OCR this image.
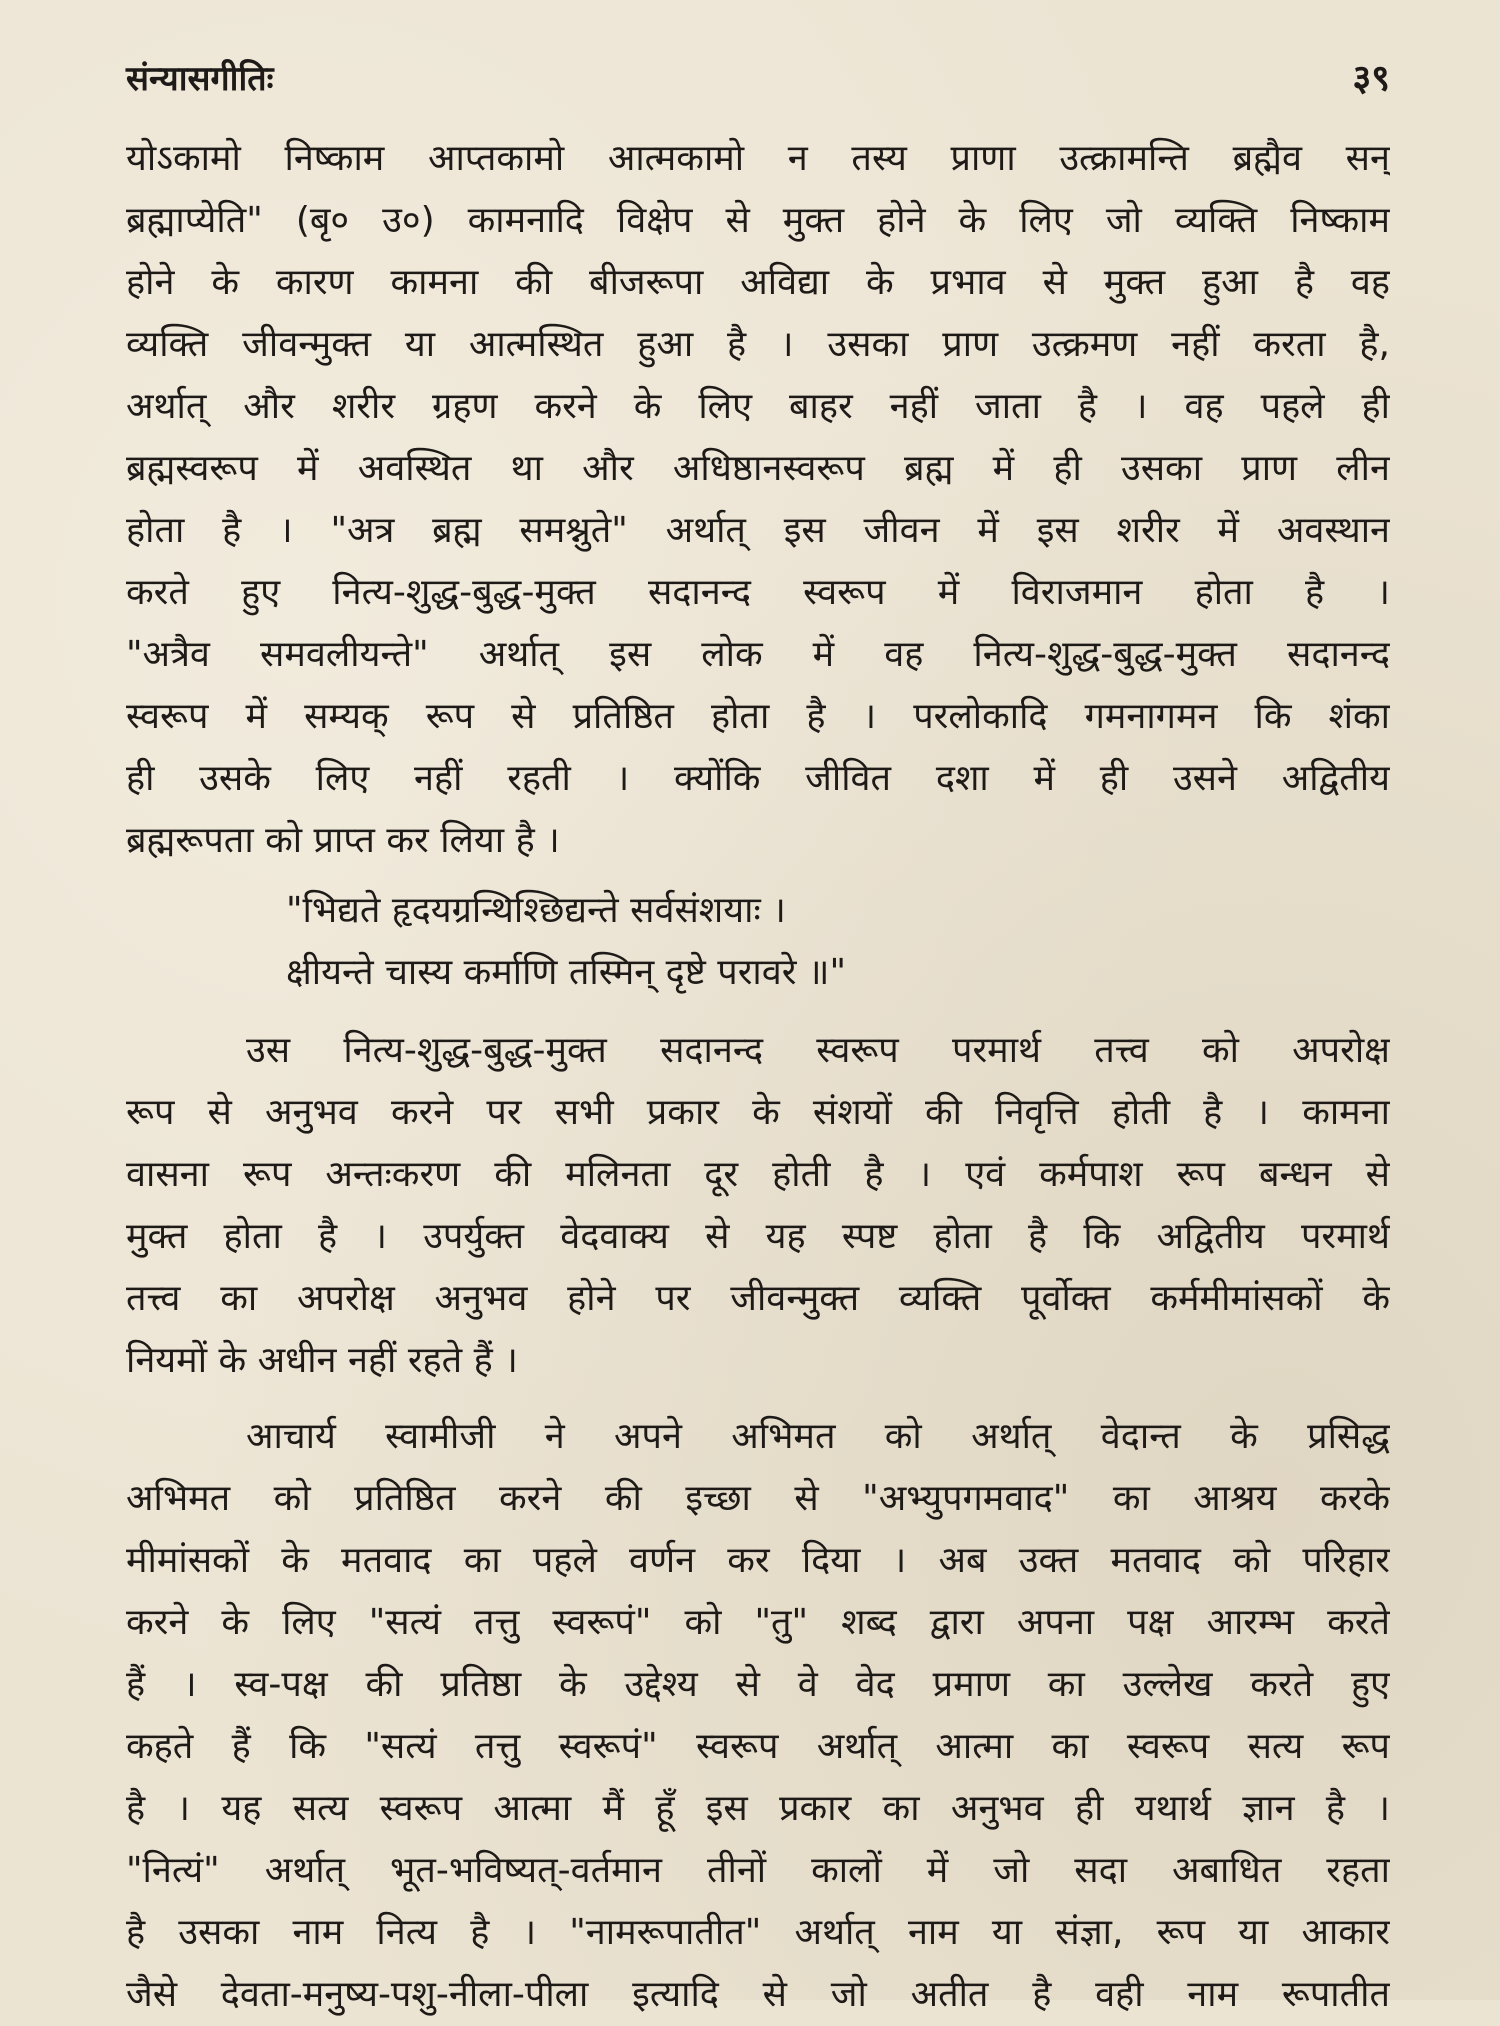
संन्यासगीतिः	३९
योऽकामो निष्काम आप्तकामो आत्मकामो न तस्य प्राणा उत्क्रामन्ति ब्रह्मैव सन्
ब्रह्माप्येति" (बृ० उ०) कामनादि विक्षेप से मुक्त होने के लिए जो व्यक्ति निष्काम
होने के कारण कामना की बीजरूपा अविद्या के प्रभाव से मुक्त हुआ है वह
व्यक्ति जीवन्मुक्त या आत्मस्थित हुआ है । उसका प्राण उत्क्रमण नहीं करता है,
अर्थात् और शरीर ग्रहण करने के लिए बाहर नहीं जाता है । वह पहले ही
ब्रह्मस्वरूप में अवस्थित था और अधिष्ठानस्वरूप ब्रह्म में ही उसका प्राण लीन
होता है । "अत्र ब्रह्म समश्नुते" अर्थात् इस जीवन में इस शरीर में अवस्थान
करते हुए नित्य-शुद्ध-बुद्ध-मुक्त सदानन्द स्वरूप में विराजमान होता है ।
"अत्रैव समवलीयन्ते" अर्थात् इस लोक में वह नित्य-शुद्ध-बुद्ध-मुक्त सदानन्द
स्वरूप में सम्यक् रूप से प्रतिष्ठित होता है । परलोकादि गमनागमन कि शंका
ही उसके लिए नहीं रहती । क्योंकि जीवित दशा में ही उसने अद्वितीय
ब्रह्मरूपता को प्राप्त कर लिया है ।
"भिद्यते हृदयग्रन्थिश्छिद्यन्ते सर्वसंशयाः ।
क्षीयन्ते चास्य कर्माणि तस्मिन् दृष्टे परावरे ॥"
उस नित्य-शुद्ध-बुद्ध-मुक्त सदानन्द स्वरूप परमार्थ तत्त्व को अपरोक्ष
रूप से अनुभव करने पर सभी प्रकार के संशयों की निवृत्ति होती है । कामना
वासना रूप अन्तःकरण की मलिनता दूर होती है । एवं कर्मपाश रूप बन्धन से
मुक्त होता है । उपर्युक्त वेदवाक्य से यह स्पष्ट होता है कि अद्वितीय परमार्थ
तत्त्व का अपरोक्ष अनुभव होने पर जीवन्मुक्त व्यक्ति पूर्वोक्त कर्ममीमांसकों के
नियमों के अधीन नहीं रहते हैं ।
आचार्य स्वामीजी ने अपने अभिमत को अर्थात् वेदान्त के प्रसिद्ध
अभिमत को प्रतिष्ठित करने की इच्छा से "अभ्युपगमवाद" का आश्रय करके
मीमांसकों के मतवाद का पहले वर्णन कर दिया । अब उक्त मतवाद को परिहार
करने के लिए "सत्यं तत्तु स्वरूपं" को "तु" शब्द द्वारा अपना पक्ष आरम्भ करते
हैं । स्व-पक्ष की प्रतिष्ठा के उद्देश्य से वे वेद प्रमाण का उल्लेख करते हुए
कहते हैं कि "सत्यं तत्तु स्वरूपं" स्वरूप अर्थात् आत्मा का स्वरूप सत्य रूप
है । यह सत्य स्वरूप आत्मा मैं हूँ इस प्रकार का अनुभव ही यथार्थ ज्ञान है ।
"नित्यं" अर्थात् भूत-भविष्यत्-वर्तमान तीनों कालों में जो सदा अबाधित रहता
है उसका नाम नित्य है । "नामरूपातीत" अर्थात् नाम या संज्ञा, रूप या आकार
जैसे देवता-मनुष्य-पशु-नीला-पीला इत्यादि से जो अतीत है वही नाम रूपातीत
